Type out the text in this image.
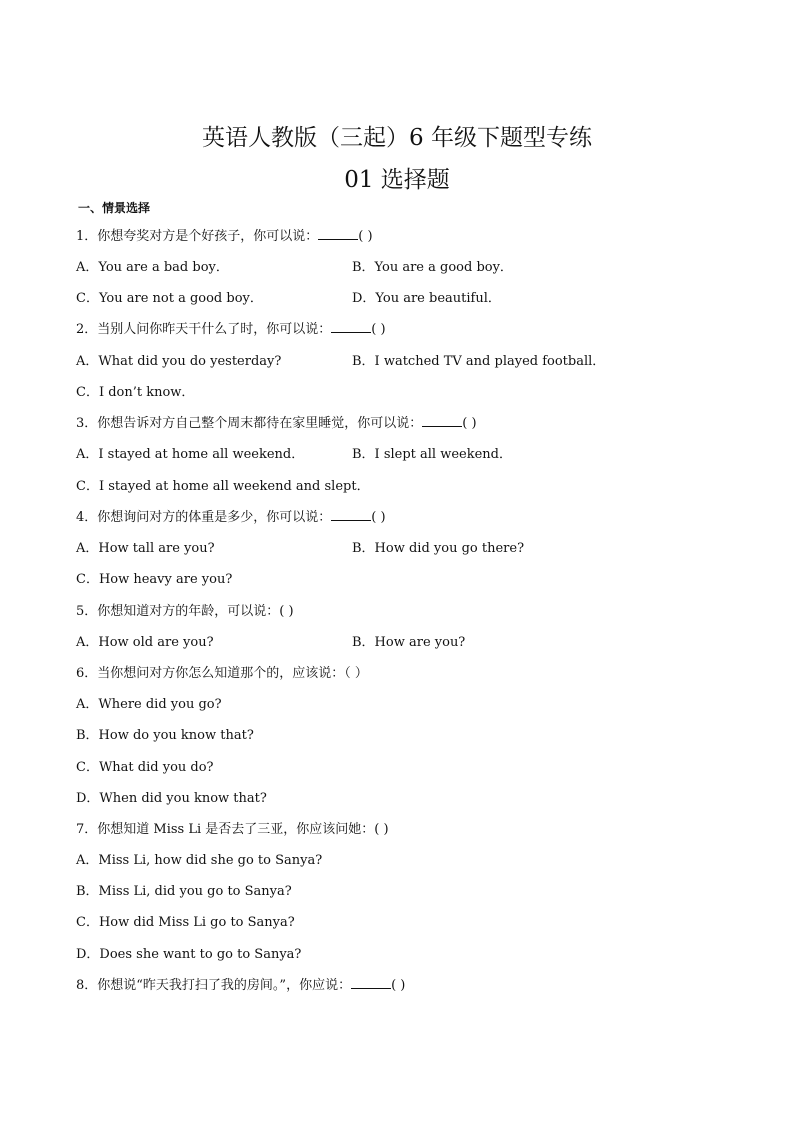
英语人教版（三起）6 年级下题型专练
01 选择题
一、情景选择
1．你想夸奖对方是个好孩子，你可以说：	( )
A．You are a bad boy．	B．You are a good boy．
C．You are not a good boy．	D．You are beautiful．
2．当别人问你昨天干什么了时，你可以说：	( )
A．What did you do yesterday?	B．I watched TV and played football．
C．I don’t know．
3．你想告诉对方自己整个周末都待在家里睡觉，你可以说：	( )
A．I stayed at home all weekend．	B．I slept all weekend．
C．I stayed at home all weekend and slept．
4．你想询问对方的体重是多少，你可以说：	( )
A．How tall are you?	B．How did you go there?
C．How heavy are you?
5．你想知道对方的年龄，可以说：( )
A．How old are you?	B．How are you?
6．当你想问对方你怎么知道那个的，应该说：（ ）
A．Where did you go?
B．How do you know that?
C．What did you do?
D．When did you know that?
7．你想知道 Miss Li 是否去了三亚，你应该问她：( )
A．Miss Li, how did she go to Sanya?
B．Miss Li, did you go to Sanya?
C．How did Miss Li go to Sanya?
D．Does she want to go to Sanya?
8．你想说“昨天我打扫了我的房间。”，你应说：	( )
